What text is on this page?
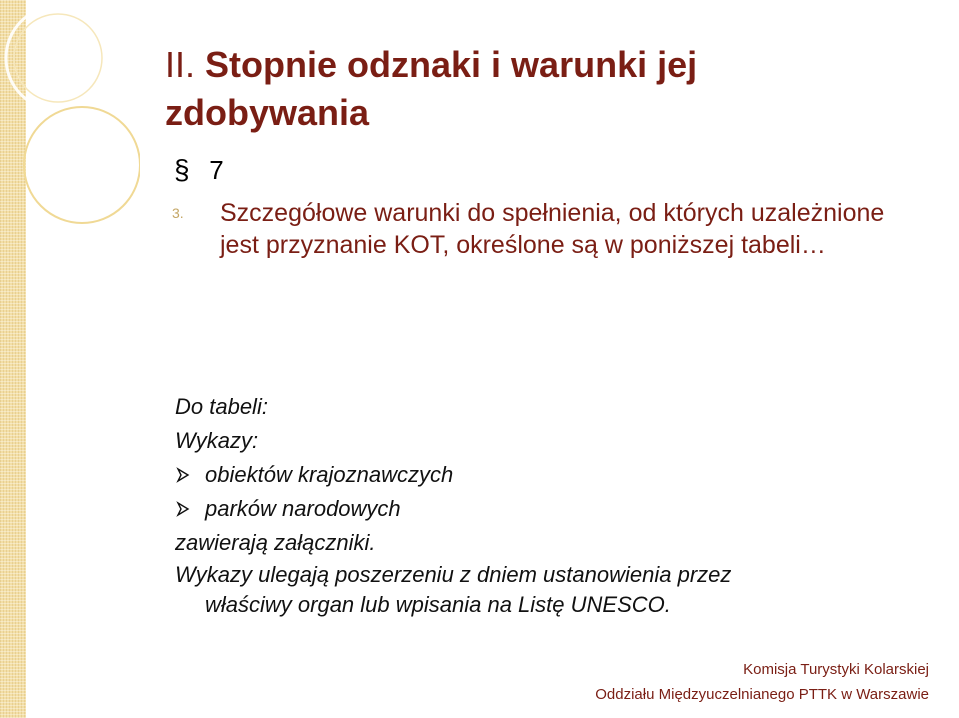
II. Stopnie odznaki i warunki jej zdobywania
§ 7
3. Szczegółowe warunki do spełnienia, od których uzależnione jest przyznanie KOT, określone są w poniższej tabeli…
Do tabeli:
Wykazy:
obiektów krajoznawczych
parków narodowych
zawierają załączniki.
Wykazy ulegają poszerzeniu z dniem ustanowienia przez
właściwy organ lub wpisania na Listę UNESCO.
Komisja Turystyki Kolarskiej
Oddziału Międzyuczelnianego PTTK w Warszawie
